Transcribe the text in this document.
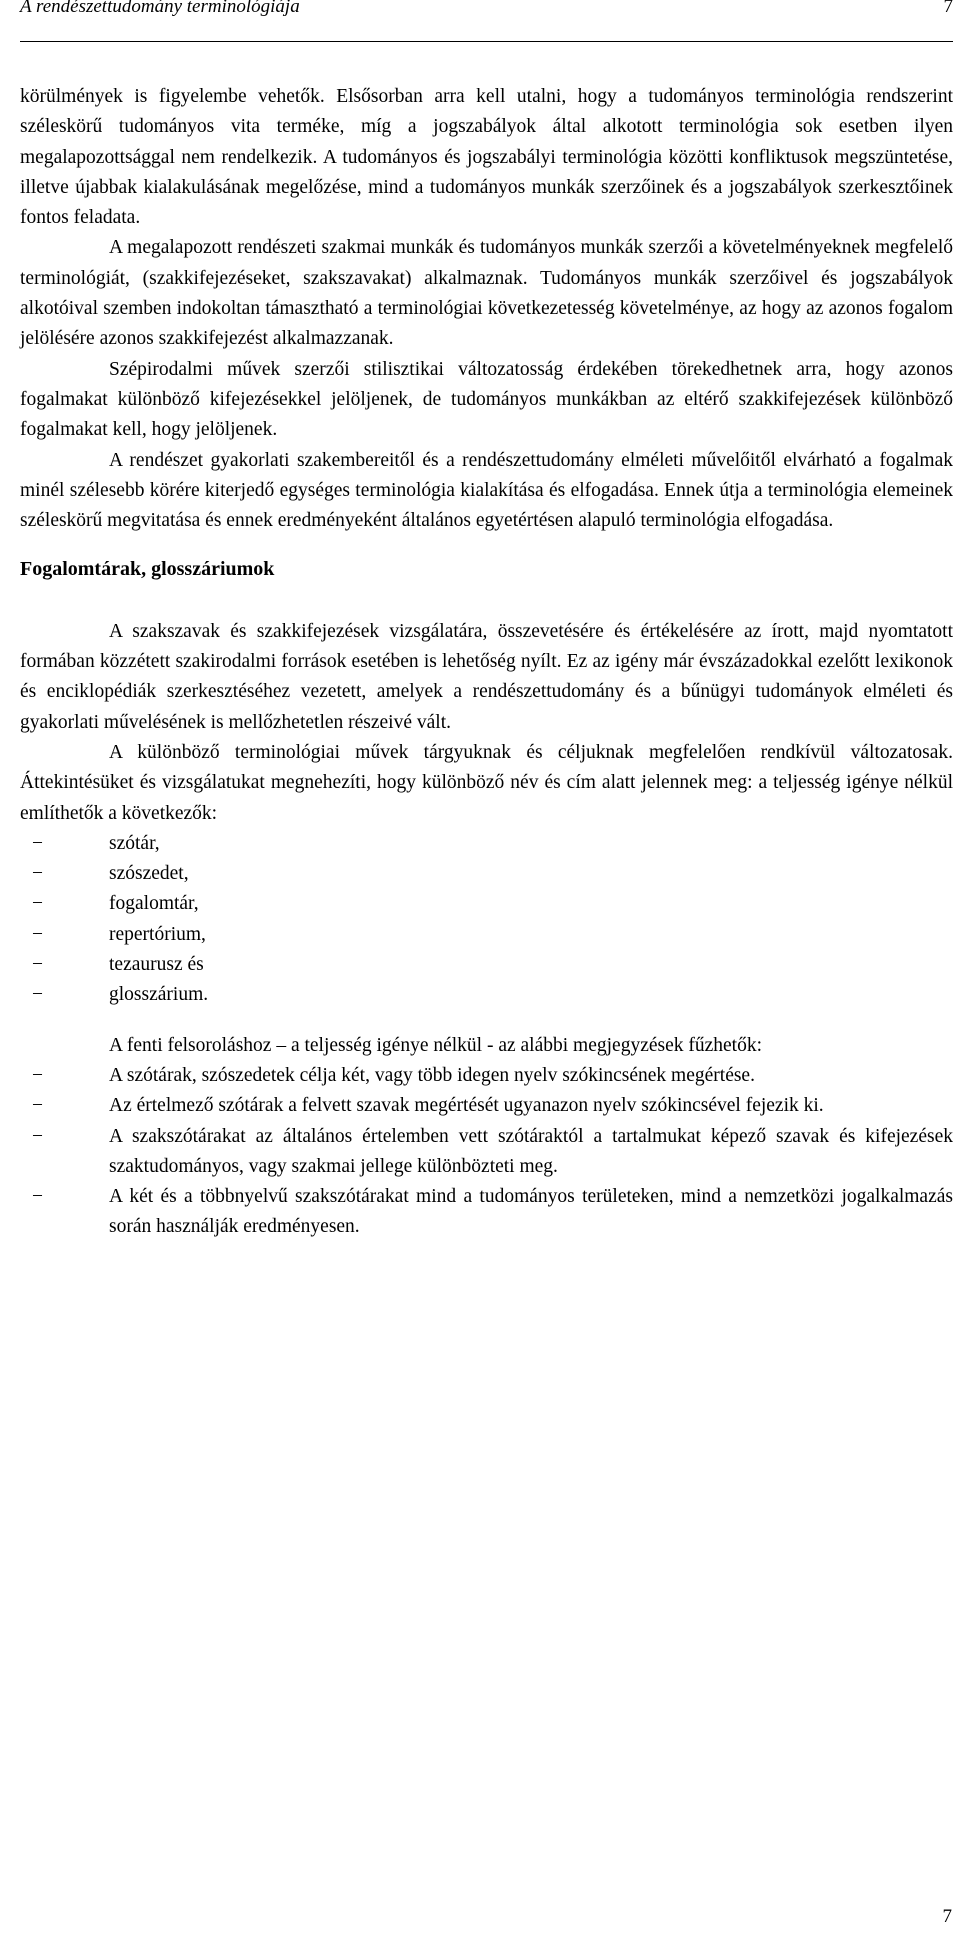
A rendészettudomány terminológiája	7

körülmények is figyelembe vehetők. Elsősorban arra kell utalni, hogy a tudományos terminológia rendszerint széleskörű tudományos vita terméke, míg a jogszabályok által alkotott terminológia sok esetben ilyen megalapozottsággal nem rendelkezik. A tudományos és jogszabályi terminológia közötti konfliktusok megszüntetése, illetve újabbak kialakulásának megelőzése, mind a tudományos munkák szerzőinek és a jogszabályok szerkesztőinek fontos feladata.

A megalapozott rendészeti szakmai munkák és tudományos munkák szerzői a követelményeknek megfelelő terminológiát, (szakkifejezéseket, szakszavakat) alkalmaznak. Tudományos munkák szerzőivel és jogszabályok alkotóival szemben indokoltan támasztható a terminológiai következetesség követelménye, az hogy az azonos fogalom jelölésére azonos szakkifejezést alkalmazzanak.

Szépirodalmi művek szerzői stilisztikai változatosság érdekében törekedhetnek arra, hogy azonos fogalmakat különböző kifejezésekkel jelöljenek, de tudományos munkákban az eltérő szakkifejezések különböző fogalmakat kell, hogy jelöljenek.

A rendészet gyakorlati szakembereitől és a rendészettudomány elméleti művelőitől elvárható a fogalmak minél szélesebb körére kiterjedő egységes terminológia kialakítása és elfogadása. Ennek útja a terminológia elemeinek széleskörű megvitatása és ennek eredményeként általános egyetértésen alapuló terminológia elfogadása.

Fogalomtárak, glosszáriumok

A szakszavak és szakkifejezések vizsgálatára, összevetésére és értékelésére az írott, majd nyomtatott formában közzétett szakirodalmi források esetében is lehetőség nyílt. Ez az igény már évszázadokkal ezelőtt lexikonok és enciklopédiák szerkesztéséhez vezetett, amelyek a rendészettudomány és a bűnügyi tudományok elméleti és gyakorlati művelésének is mellőzhetetlen részeivé vált.

A különböző terminológiai művek tárgyuknak és céljuknak megfelelően rendkívül változatosak. Áttekintésüket és vizsgálatukat megnehezíti, hogy különböző név és cím alatt jelennek meg: a teljesség igénye nélkül említhetők a következők:

− szótár,
− szószedet,
− fogalomtár,
− repertórium,
− tezaurusz és
− glosszárium.

A fenti felsoroláshoz – a teljesség igénye nélkül - az alábbi megjegyzések fűzhetők:

− A szótárak, szószedetek célja két, vagy több idegen nyelv szókincsének megértése.
− Az értelmező szótárak a felvett szavak megértését ugyanazon nyelv szókincsével fejezik ki.
− A szakszótárakat az általános értelemben vett szótáraktól a tartalmukat képező szavak és kifejezések szaktudományos, vagy szakmai jellege különbözteti meg.
− A két és a többnyelvű szakszótárakat mind a tudományos területeken, mind a nemzetközi jogalkalmazás során használják eredményesen.
7
